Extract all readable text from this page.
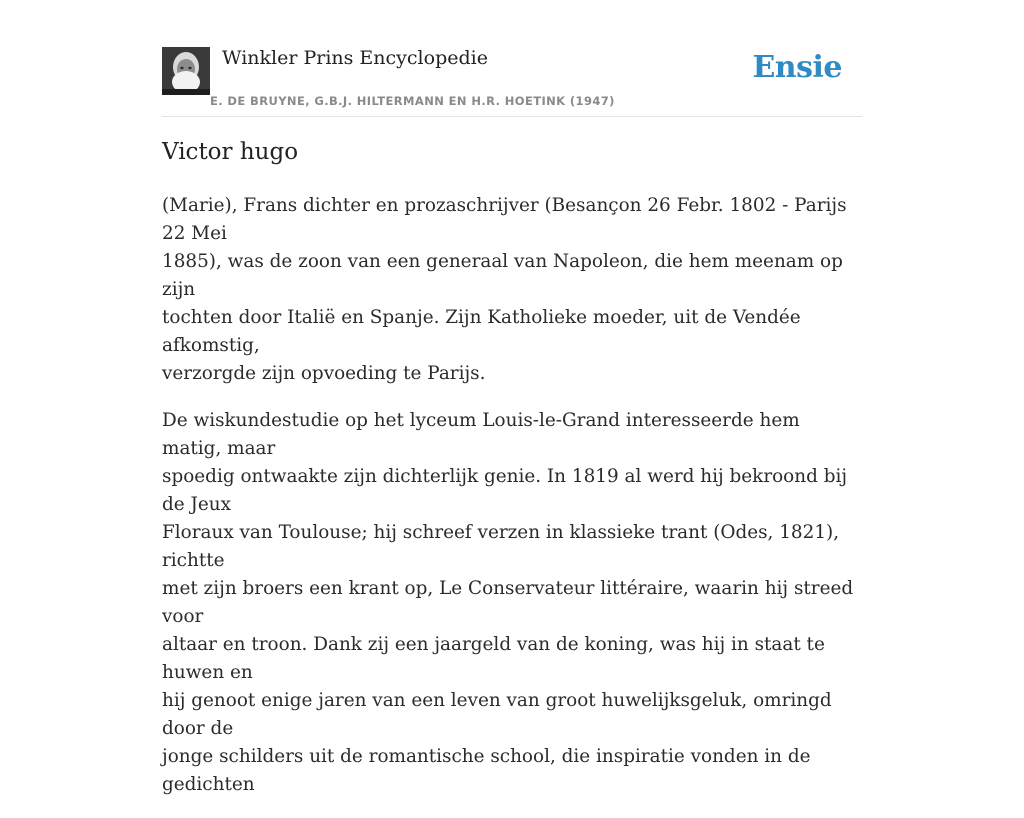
Winkler Prins Encyclopedie
E. DE BRUYNE, G.B.J. HILTERMANN EN H.R. HOETINK (1947)
Ensie
Victor hugo

(Marie), Frans dichter en prozaschrijver (Besançon 26 Febr. 1802 - Parijs 22 Mei
1885), was de zoon van een generaal van Napoleon, die hem meenam op zijn
tochten door Italië en Spanje. Zijn Katholieke moeder, uit de Vendée afkomstig,
verzorgde zijn opvoeding te Parijs.

De wiskundestudie op het lyceum Louis-le-Grand interesseerde hem matig, maar
spoedig ontwaakte zijn dichterlijk genie. In 1819 al werd hij bekroond bij de Jeux
Floraux van Toulouse; hij schreef verzen in klassieke trant (Odes, 1821), richtte
met zijn broers een krant op, Le Conservateur littéraire, waarin hij streed voor
altaar en troon. Dank zij een jaargeld van de koning, was hij in staat te huwen en
hij genoot enige jaren van een leven van groot huwelijksgeluk, omringd door de
jonge schilders uit de romantische school, die inspiratie vonden in de gedichten
